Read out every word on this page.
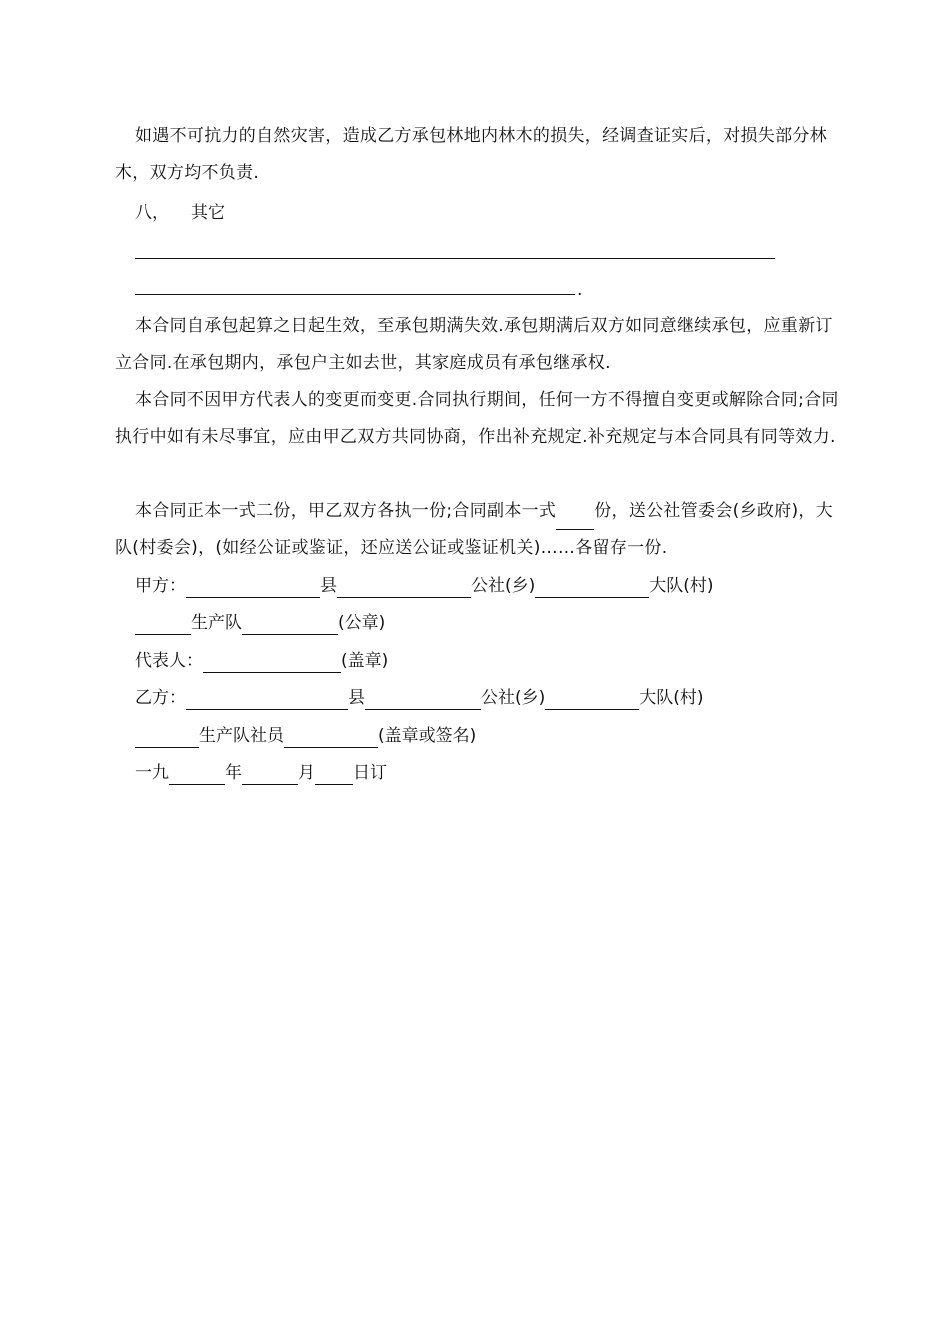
如遇不可抗力的自然灾害，造成乙方承包林地内林木的损失，经调查证实后，对损失部分林木，双方均不负责.

八， 其它
.

本合同自承包起算之日起生效，至承包期满失效.承包期满后双方如同意继续承包，应重新订立合同.在承包期内，承包户主如去世，其家庭成员有承包继承权.

本合同不因甲方代表人的变更而变更.合同执行期间，任何一方不得擅自变更或解除合同;合同执行中如有未尽事宜，应由甲乙双方共同协商，作出补充规定.补充规定与本合同具有同等效力.

本合同正本一式二份，甲乙双方各执一份;合同副本一式 份，送公社管委会(乡政府)，大队(村委会)，(如经公证或鉴证，还应送公证或鉴证机关)……各留存一份.

甲方：	县	公社(乡)	大队(村)
生产队	(公章)
代表人：	(盖章)
乙方：	县	公社(乡)	大队(村)
生产队社员	(盖章或签名)
一九	年	月 日订
